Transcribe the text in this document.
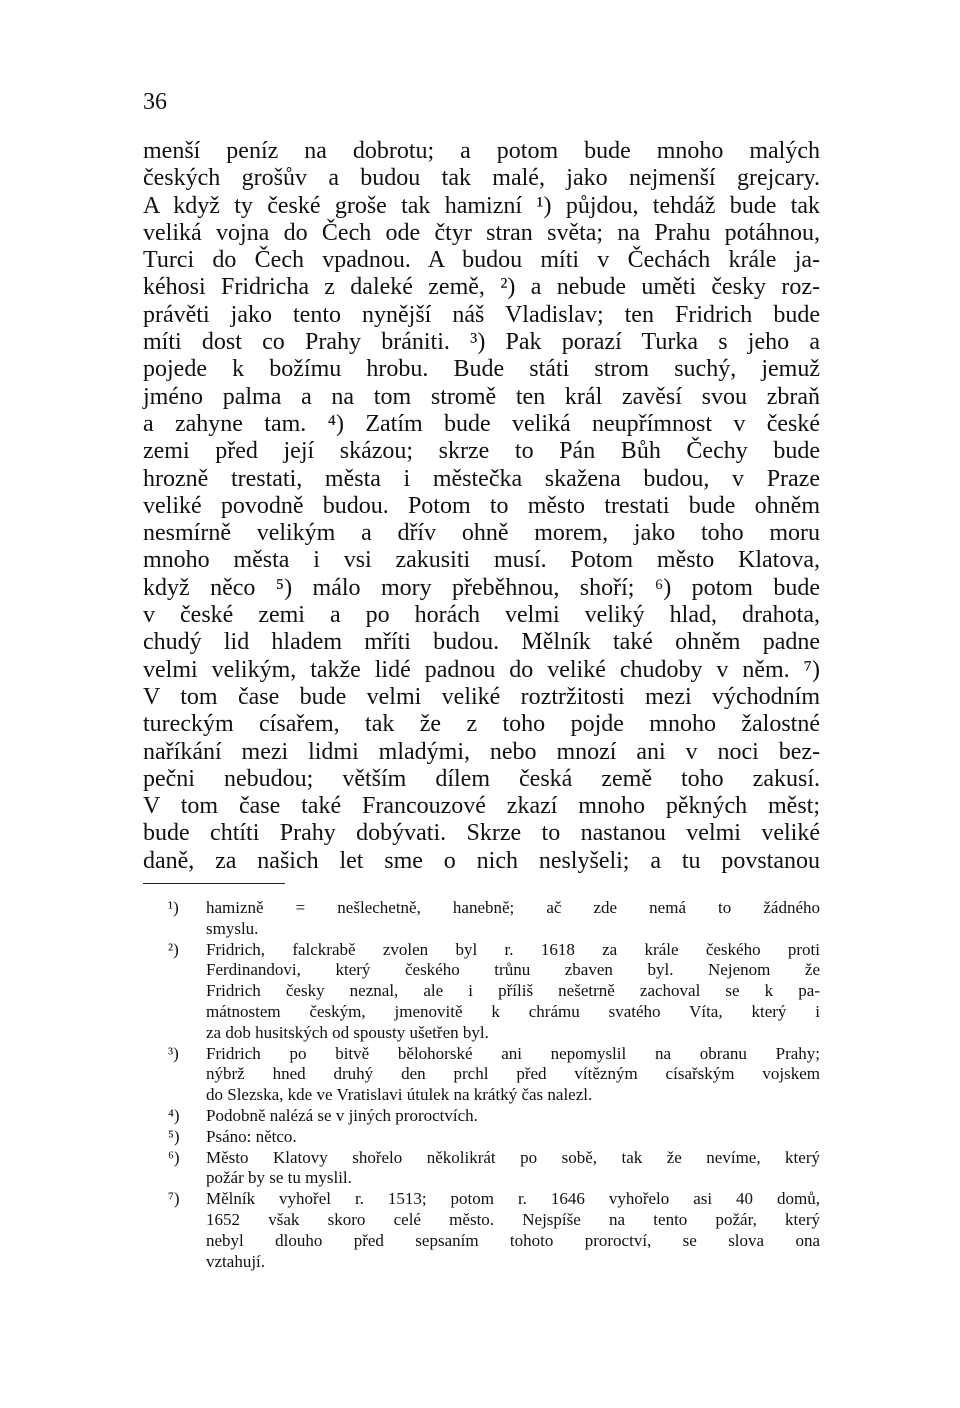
36
menší peníz na dobrotu; a potom bude mnoho malých
českých grošův a budou tak malé, jako nejmenší grejcary.
A když ty české groše tak hamizní ¹) půjdou, tehdáž bude tak
veliká vojna do Čech ode čtyr stran světa; na Prahu potáhnou,
Turci do Čech vpadnou. A budou míti v Čechách krále ja-
kéhosi Fridricha z daleké země, ²) a nebude uměti česky roz-
právěti jako tento nynější náš Vladislav; ten Fridrich bude
míti dost co Prahy brániti. ³) Pak porazí Turka s jeho a
pojede k božímu hrobu. Bude státi strom suchý, jemuž
jméno palma a na tom stromě ten král zavěsí svou zbraň
a zahyne tam. ⁴) Zatím bude veliká neupřímnost v české
zemi před její skázou; skrze to Pán Bůh Čechy bude
hrozně trestati, města i městečka skažena budou, v Praze
veliké povodně budou. Potom to město trestati bude ohněm
nesmírně velikým a dřív ohně morem, jako toho moru
mnoho města i vsi zakusiti musí. Potom město Klatova,
když něco ⁵) málo mory přeběhnou, shoří; ⁶) potom bude
v české zemi a po horách velmi veliký hlad, drahota,
chudý lid hladem mříti budou. Mělník také ohněm padne
velmi velikým, takže lidé padnou do veliké chudoby v něm. ⁷)
V tom čase bude velmi veliké roztržitosti mezi východním
tureckým císařem, tak že z toho pojde mnoho žalostné
naříkání mezi lidmi mladými, nebo mnozí ani v noci bez-
pečni nebudou; větším dílem česká země toho zakusí.
V tom čase také Francouzové zkazí mnoho pěkných měst;
bude chtíti Prahy dobývati. Skrze to nastanou velmi veliké
daně, za našich let sme o nich neslyšeli; a tu povstanou
¹) hamizně = nešlechetně, hanebně; ač zde nemá to žádného
smyslu.
²) Fridrich, falckrabě zvolen byl r. 1618 za krále českého proti
Ferdinandovi, který českého trůnu zbaven byl. Nejenom že
Fridrich česky neznal, ale i příliš nešetrně zachoval se k pa-
mátnostem českým, jmenovitě k chrámu svatého Víta, který i
za dob husitských od spousty ušetřen byl.
³) Fridrich po bitvě bělohorské ani nepomyslil na obranu Prahy;
nýbrž hned druhý den prchl před vítězným císařským vojskem
do Slezska, kde ve Vratislavi útulek na krátký čas nalezl.
⁴) Podobně nalézá se v jiných proroctvích.
⁵) Psáno: nětco.
⁶) Město Klatovy shořelo několikrát po sobě, tak že nevíme, který
požár by se tu myslil.
⁷) Mělník vyhořel r. 1513; potom r. 1646 vyhořelo asi 40 domů,
1652 však skoro celé město. Nejspíše na tento požár, který
nebyl dlouho před sepsaním tohoto proroctví, se slova ona
vztahují.
